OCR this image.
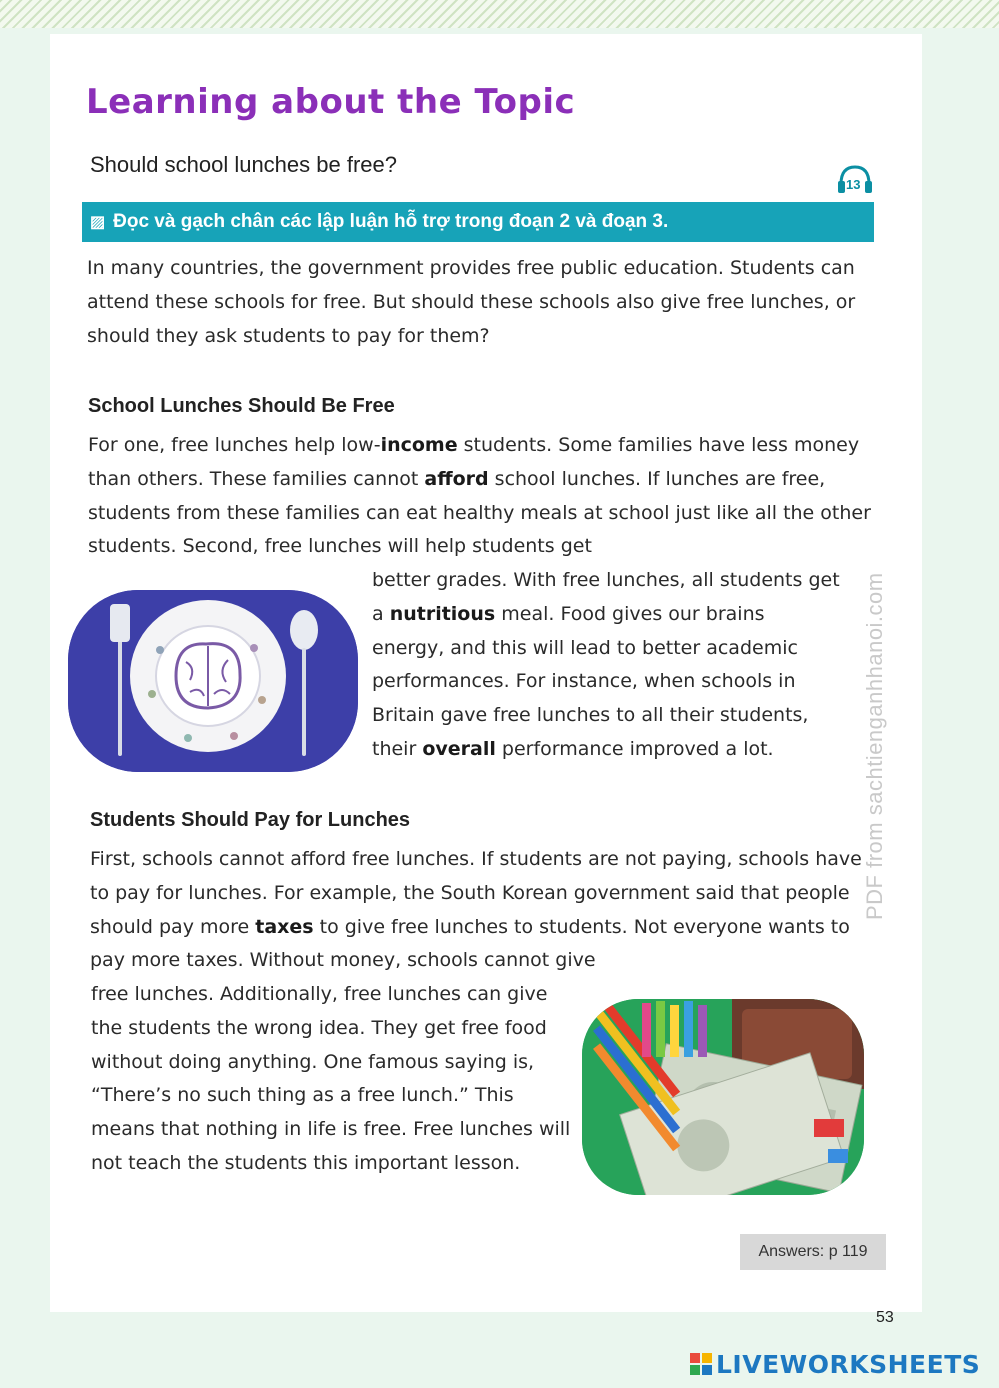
Learning about the Topic
Should school lunches be free?
13
▨ Đọc và gạch chân các lập luận hỗ trợ trong đoạn 2 và đoạn 3.

In many countries, the government provides free public education. Students can attend these schools for free. But should these schools also give free lunches, or should they ask students to pay for them?

School Lunches Should Be Free

For one, free lunches help low-income students. Some families have less money than others. These families cannot afford school lunches. If lunches are free, students from these families can eat healthy meals at school just like all the other students. Second, free lunches will help students get

better grades. With free lunches, all students get a nutritious meal. Food gives our brains energy, and this will lead to better academic performances. For instance, when schools in Britain gave free lunches to all their students, their overall performance improved a lot.

Students Should Pay for Lunches

First, schools cannot afford free lunches. If students are not paying, schools have to pay for lunches. For example, the South Korean government said that people should pay more taxes to give free lunches to students. Not everyone wants to pay more taxes. Without money, schools cannot give

free lunches. Additionally, free lunches can give the students the wrong idea. They get free food without doing anything. One famous saying is, “There’s no such thing as a free lunch.” This means that nothing in life is free. Free lunches will not teach the students this important lesson.

Answers: p 119
53
PDF from sachtienganhhanoi.com
LIVEWORKSHEETS
